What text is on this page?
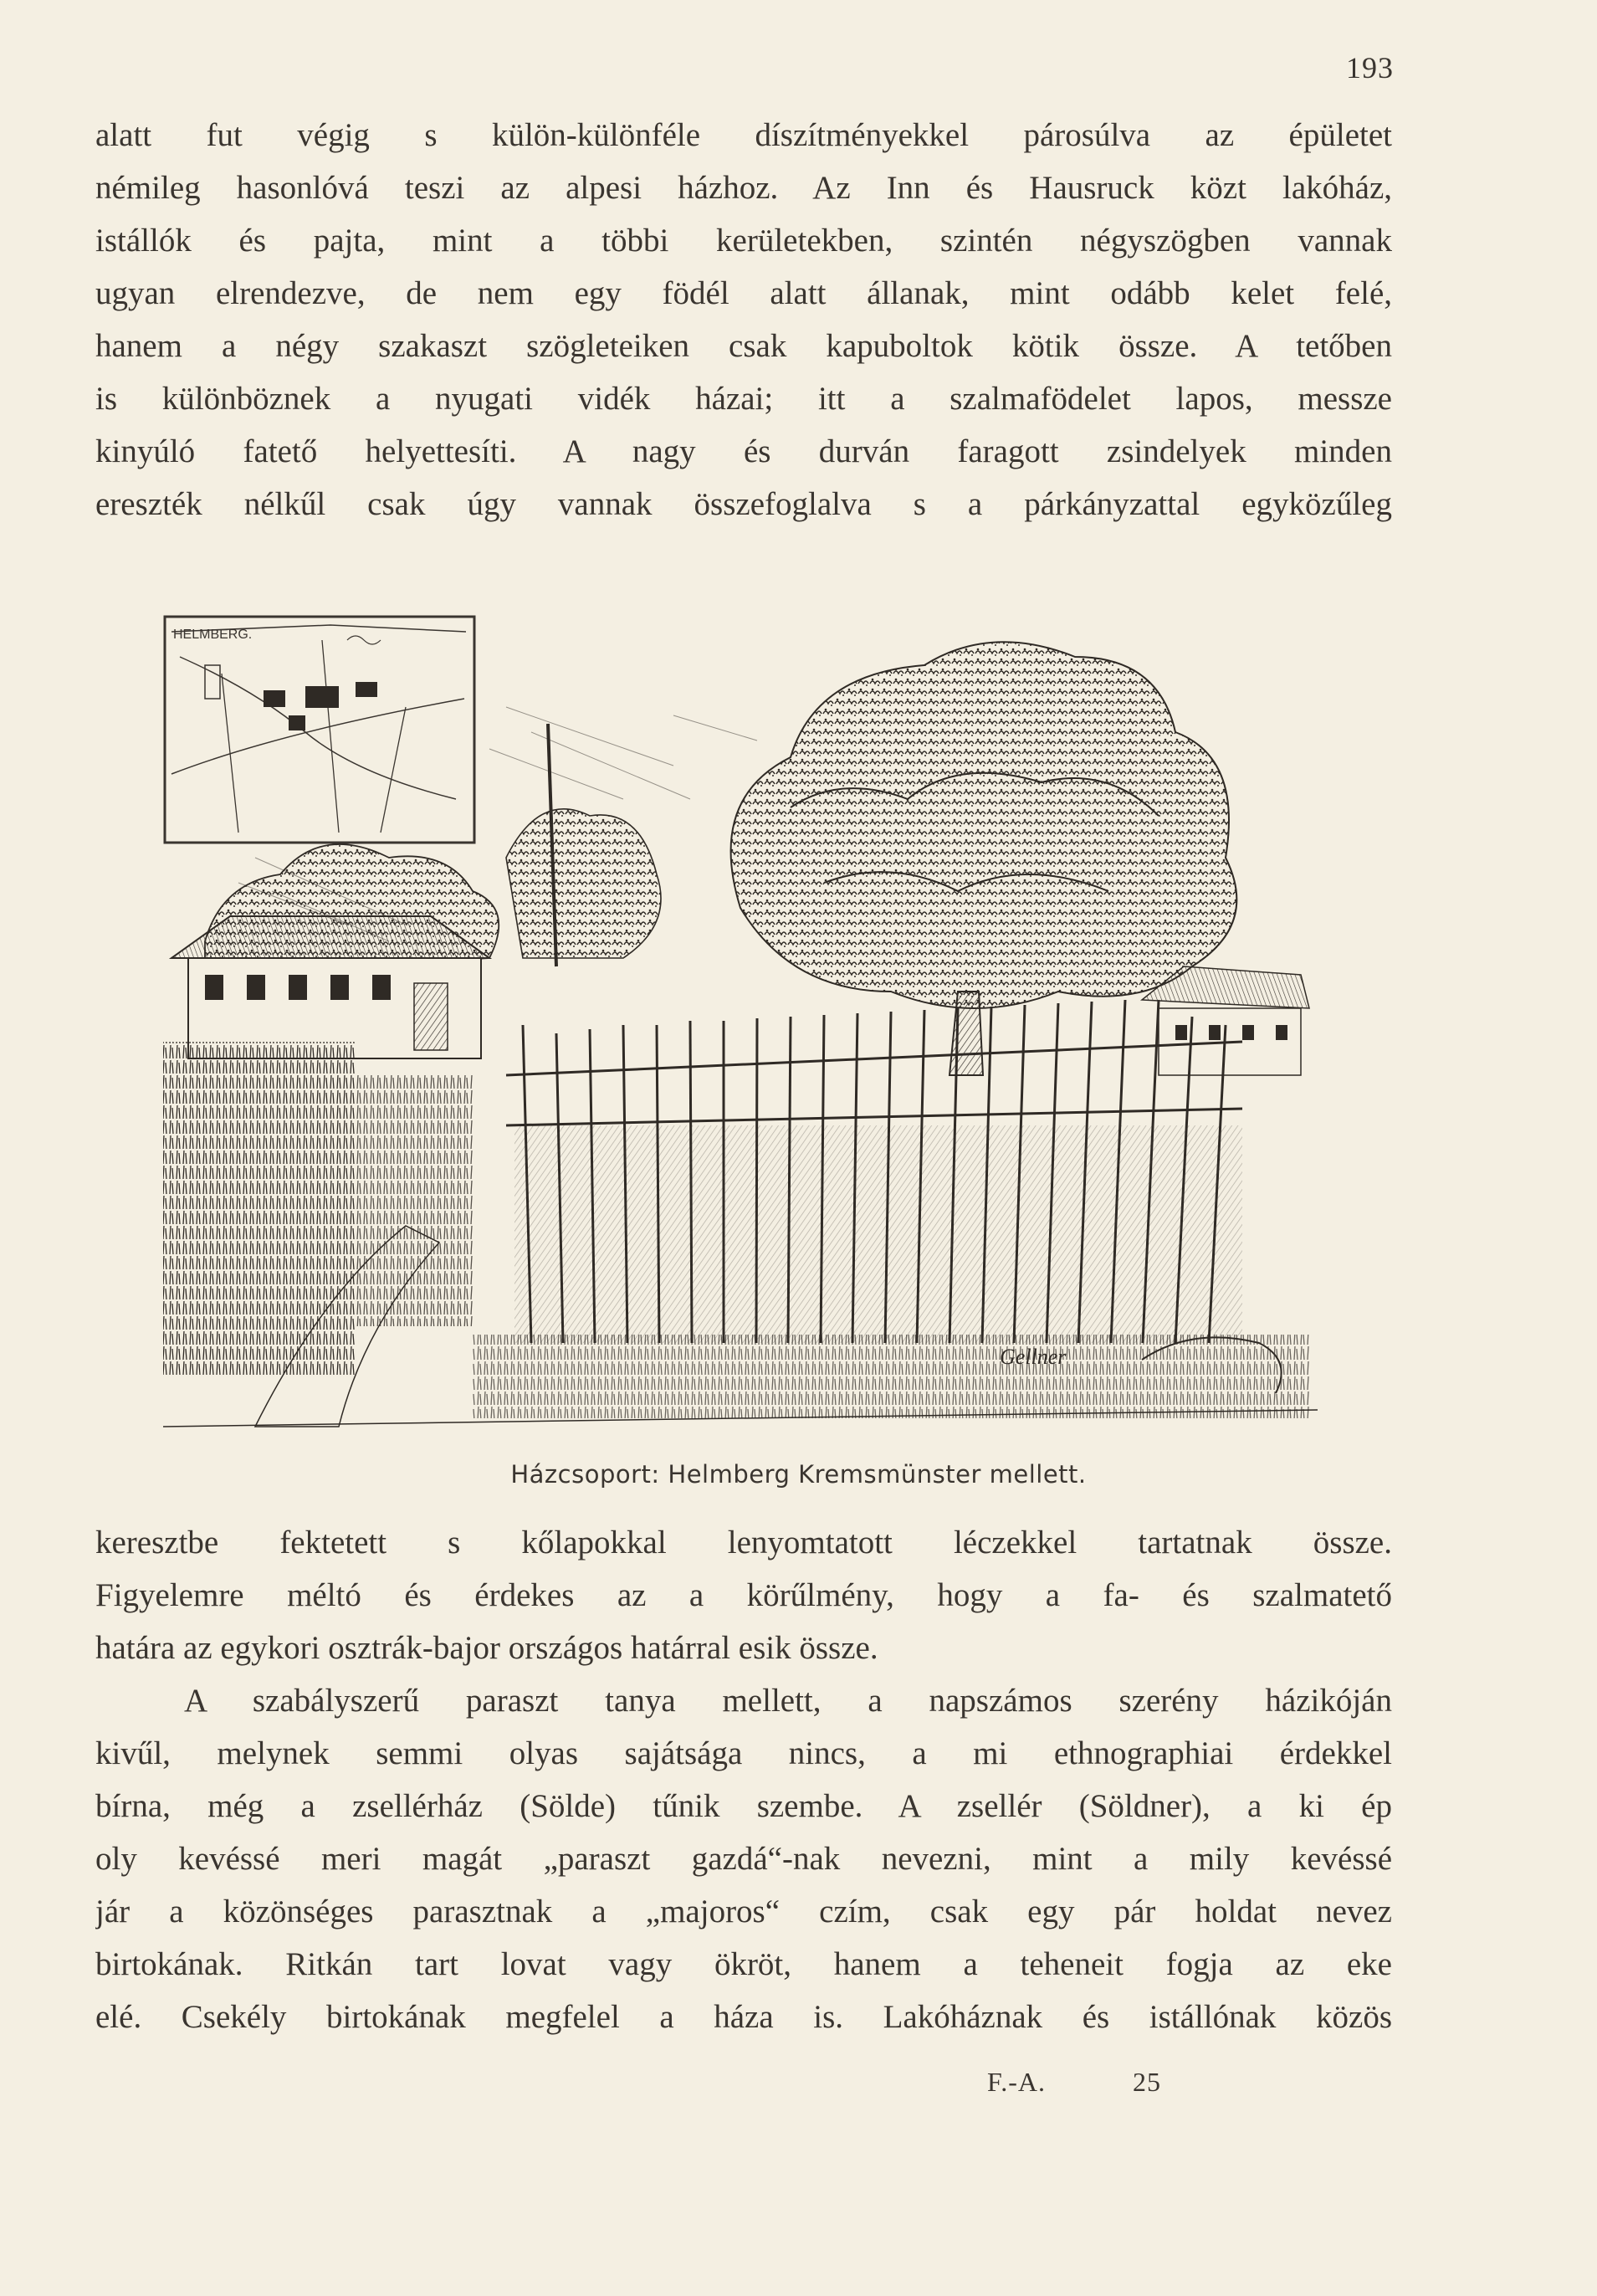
193
alatt fut végig s külön-különféle díszítményekkel párosúlva az épületet
némileg hasonlóvá teszi az alpesi házhoz. Az Inn és Hausruck közt lakóház,
istállók és pajta, mint a többi kerületekben, szintén négyszögben vannak
ugyan elrendezve, de nem egy födél alatt állanak, mint odább kelet felé,
hanem a négy szakaszt szögleteiken csak kapuboltok kötik össze. A tetőben
is különböznek a nyugati vidék házai; itt a szalmafödelet lapos, messze
kinyúló fatető helyettesíti. A nagy és durván faragott zsindelyek minden
ereszték nélkűl csak úgy vannak összefoglalva s a párkányzattal egyközűleg
HELMBERG.
Gellner
Házcsoport: Helmberg Kremsmünster mellett.
keresztbe fektetett s kőlapokkal lenyomtatott léczekkel tartatnak össze.
Figyelemre méltó és érdekes az a körűlmény, hogy a fa- és szalmatető
határa az egykori osztrák-bajor országos határral esik össze.
A szabályszerű paraszt tanya mellett, a napszámos szerény házikóján
kivűl, melynek semmi olyas sajátsága nincs, a mi ethnographiai érdekkel
bírna, még a zsellérház (Sölde) tűnik szembe. A zsellér (Söldner), a ki ép
oly kevéssé meri magát „paraszt gazdá“-nak nevezni, mint a mily kevéssé
jár a közönséges parasztnak a „majoros“ czím, csak egy pár holdat nevez
birtokának. Ritkán tart lovat vagy ökröt, hanem a teheneit fogja az eke
elé. Csekély birtokának megfelel a háza is. Lakóháznak és istállónak közös
F.-A.	25
